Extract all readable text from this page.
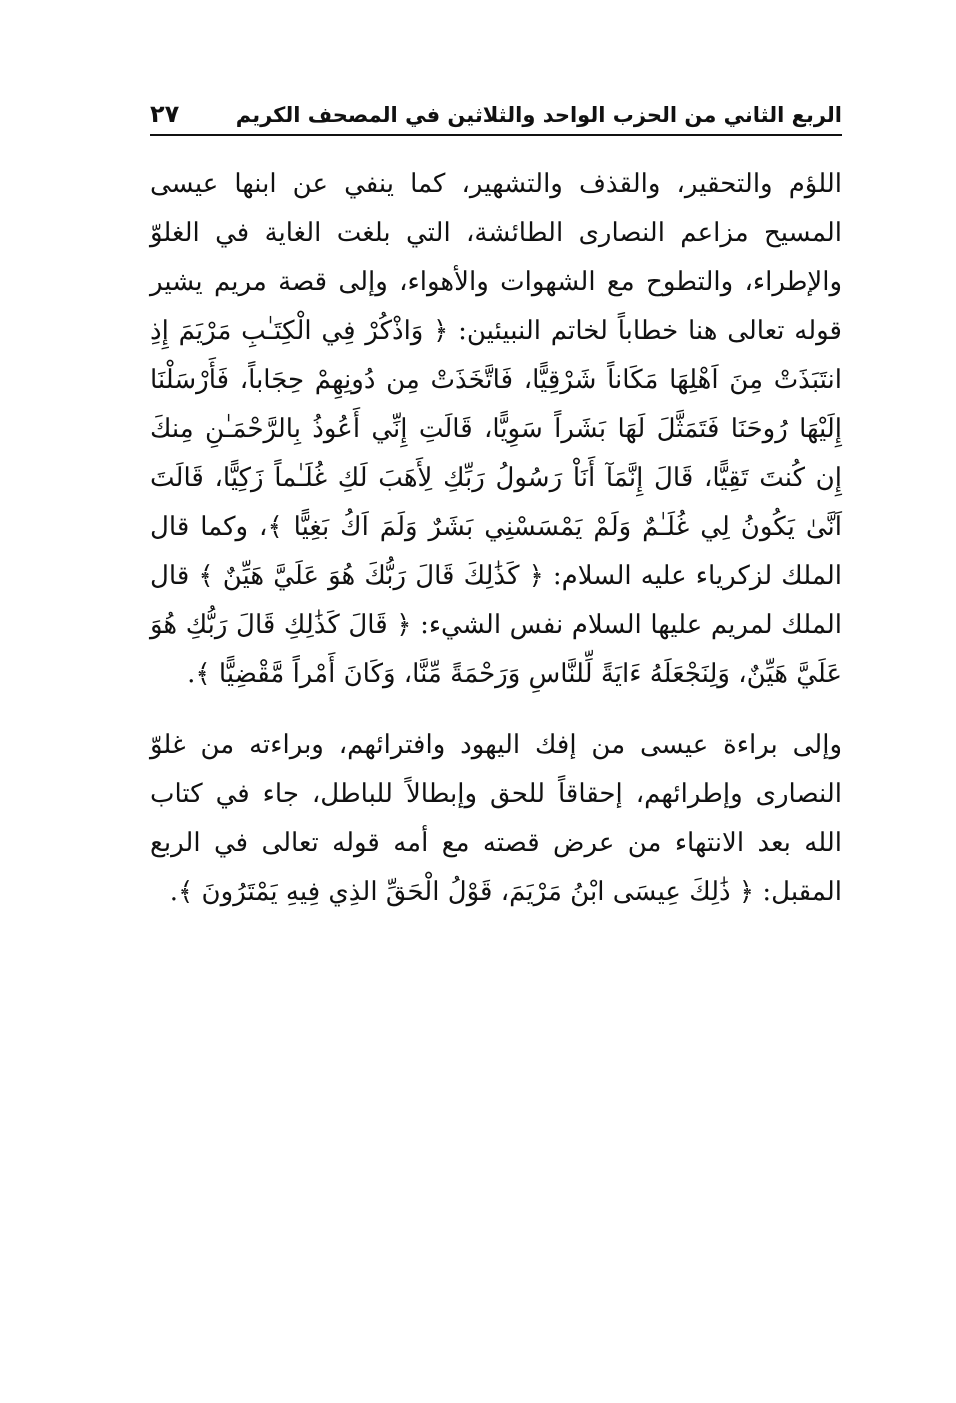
الربع الثاني من الحزب الواحد والثلاثين في المصحف الكريم
٢٧

اللؤم والتحقير، والقذف والتشهير، كما ينفي عن ابنها عيسى المسيح مزاعم النصارى الطائشة، التي بلغت الغاية في الغلوّ والإطراء، والتطوح مع الشهوات والأهواء، وإلى قصة مريم يشير قوله تعالى هنا خطاباً لخاتم النبيئين: ﴿ وَاذْكُرْ فِي الْكِتَـٰبِ مَرْيَمَ إِذِ انتَبَذَتْ مِنَ اَهْلِهَا مَكَاناً شَرْقِيًّا، فَاتَّخَذَتْ مِن دُونِهِمْ حِجَاباً، فَأَرْسَلْنَا إِلَيْهَا رُوحَنَا فَتَمَثَّلَ لَهَا بَشَراً سَوِيًّا، قَالَتِ إِنِّي أَعُوذُ بِالرَّحْمَـٰنِ مِنكَ إِن كُنتَ تَقِيًّا، قَالَ إِنَّمَآ أَنَاْ رَسُولُ رَبِّكِ لِأَهَبَ لَكِ غُلَـٰماً زَكِيًّا، قَالَتَ اَنَّىٰ يَكُونُ لِي غُلَـٰمٌ وَلَمْ يَمْسَسْنِي بَشَرٌ وَلَمَ اَكُ بَغِيًّا ﴾، وكما قال الملك لزكرياء عليه السلام: ﴿ كَذَٰلِكَ قَالَ رَبُّكَ هُوَ عَلَيَّ هَيِّنٌ ﴾ قال الملك لمريم عليها السلام نفس الشيء: ﴿ قَالَ كَذَٰلِكِ قَالَ رَبُّكِ هُوَ عَلَيَّ هَيِّنٌ، وَلِنَجْعَلَهُ ءَايَةً لِّلنَّاسِ وَرَحْمَةً مِّنَّا، وَكَانَ أَمْراً مَّقْضِيًّا ﴾.

وإلى براءة عيسى من إفك اليهود وافترائهم، وبراءته من غلوّ النصارى وإطرائهم، إحقاقاً للحق وإبطالاً للباطل، جاء في كتاب الله بعد الانتهاء من عرض قصته مع أمه قوله تعالى في الربع المقبل: ﴿ ذَٰلِكَ عِيسَى ابْنُ مَرْيَمَ، قَوْلُ الْحَقِّ الذِي فِيهِ يَمْتَرُونَ ﴾.
